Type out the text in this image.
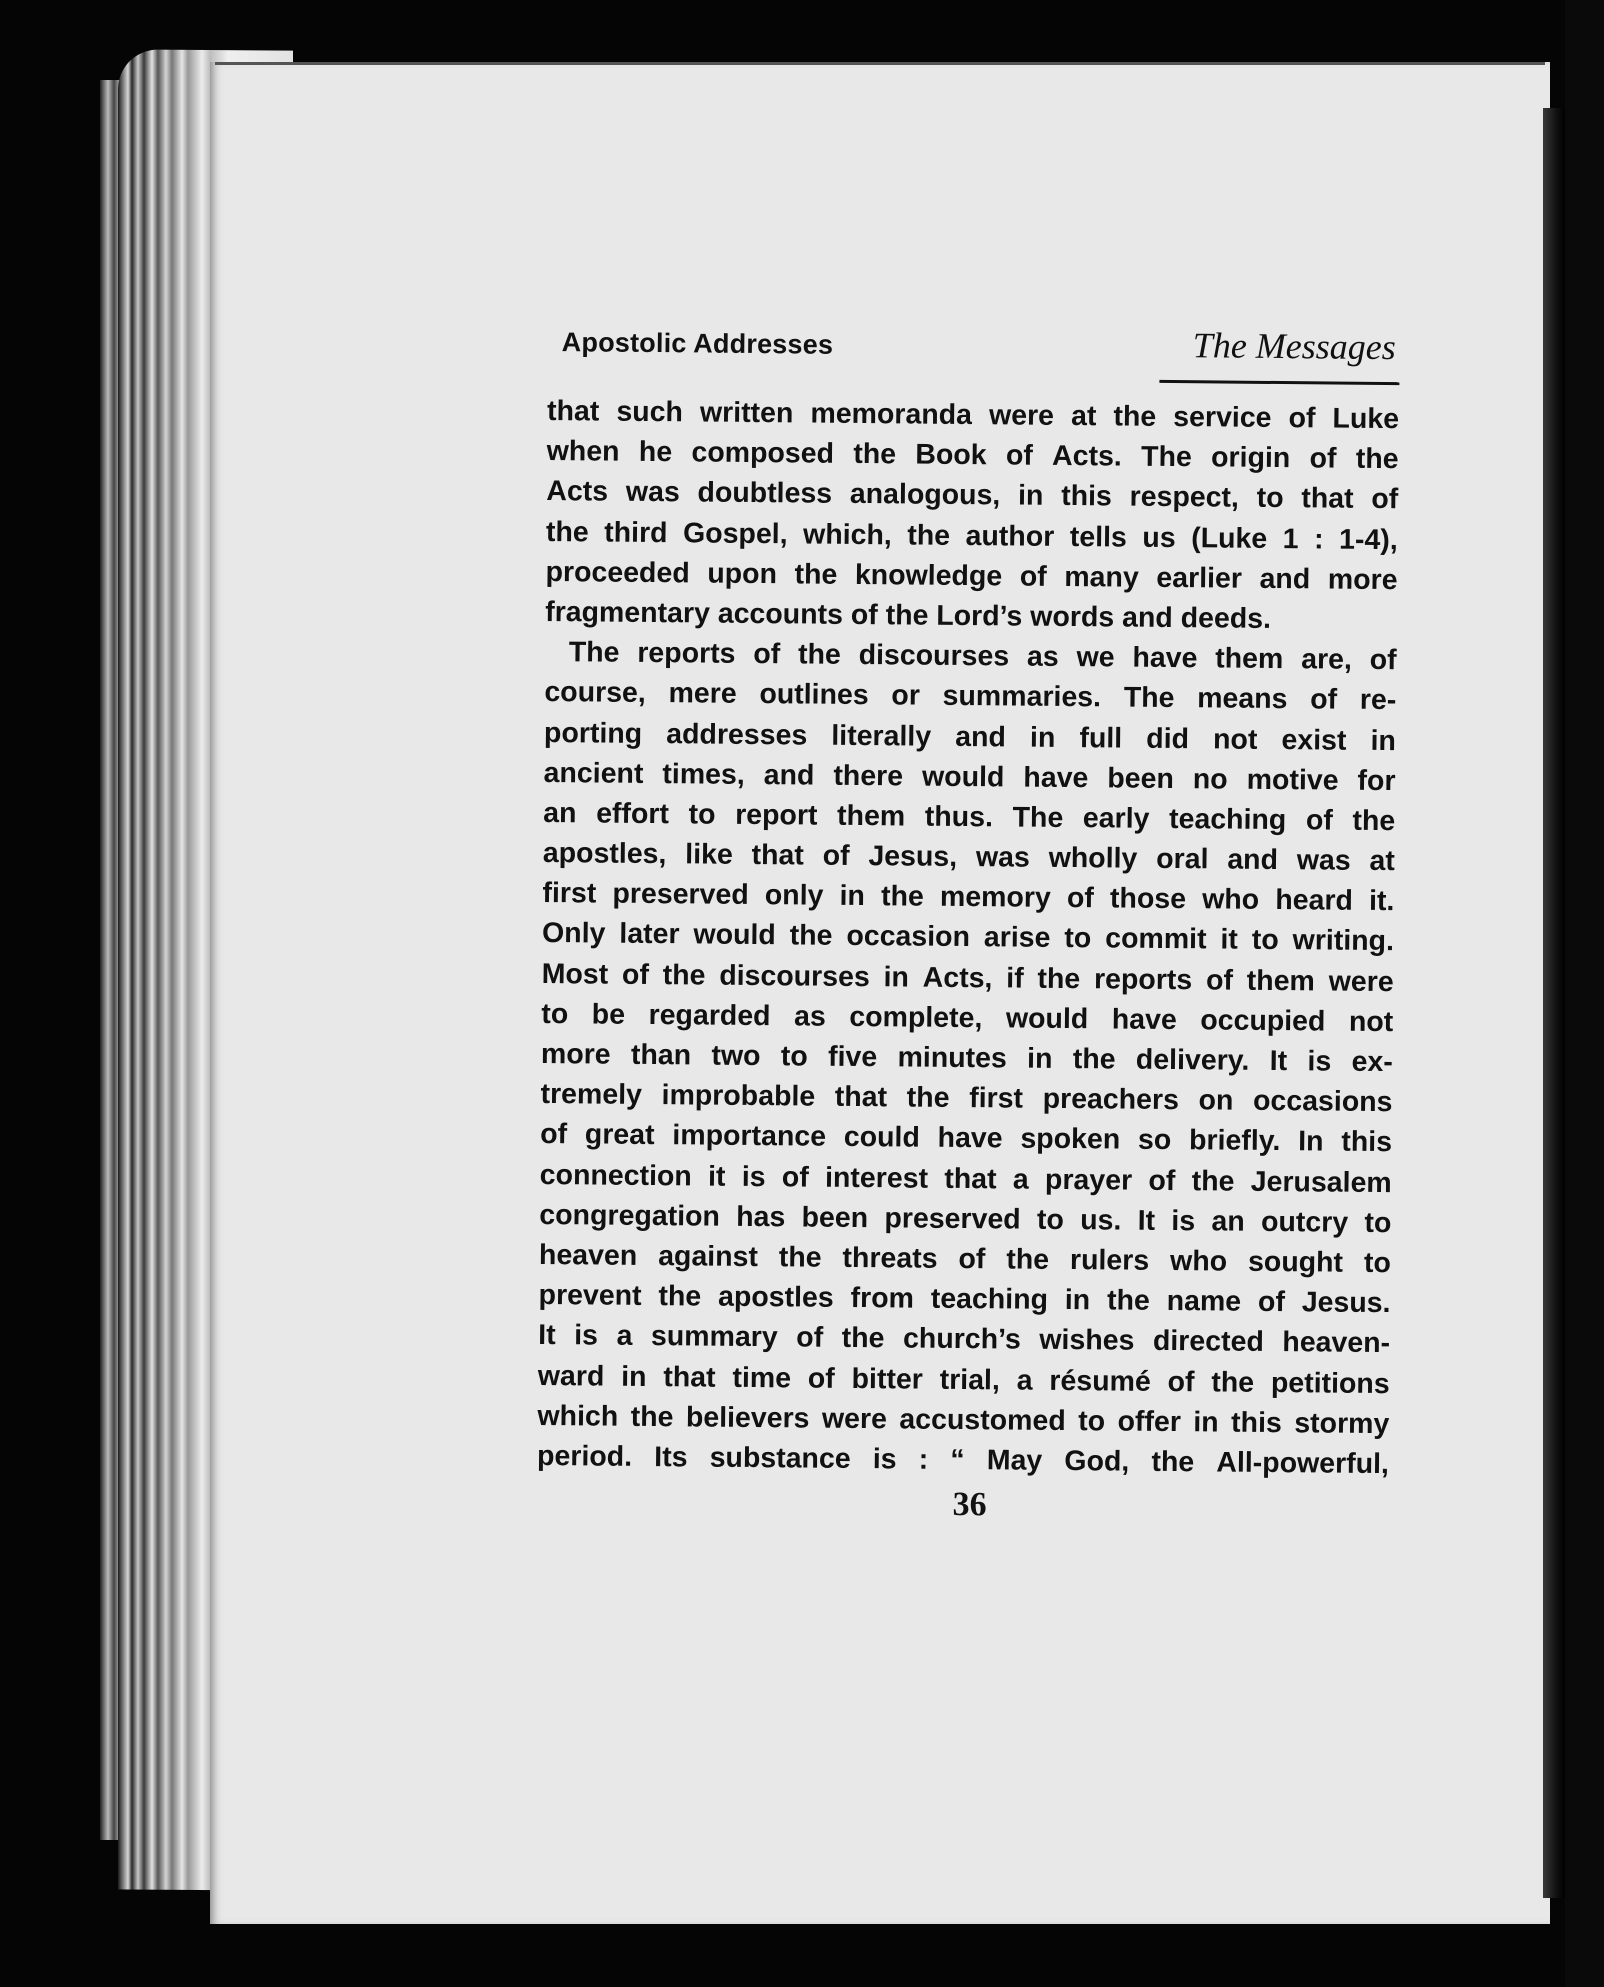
Apostolic Addresses	The Messages
that such written memoranda were at the service of Luke
when he composed the Book of Acts. The origin of the
Acts was doubtless analogous, in this respect, to that of
the third Gospel, which, the author tells us (Luke 1 : 1-4),
proceeded upon the knowledge of many earlier and more
fragmentary accounts of the Lord’s words and deeds.
The reports of the discourses as we have them are, of
course, mere outlines or summaries. The means of re-
porting addresses literally and in full did not exist in
ancient times, and there would have been no motive for
an effort to report them thus. The early teaching of the
apostles, like that of Jesus, was wholly oral and was at
first preserved only in the memory of those who heard it.
Only later would the occasion arise to commit it to writing.
Most of the discourses in Acts, if the reports of them were
to be regarded as complete, would have occupied not
more than two to five minutes in the delivery. It is ex-
tremely improbable that the first preachers on occasions
of great importance could have spoken so briefly. In this
connection it is of interest that a prayer of the Jerusalem
congregation has been preserved to us. It is an outcry to
heaven against the threats of the rulers who sought to
prevent the apostles from teaching in the name of Jesus.
It is a summary of the church’s wishes directed heaven-
ward in that time of bitter trial, a résumé of the petitions
which the believers were accustomed to offer in this stormy
period. Its substance is : “ May God, the All-powerful,
36
